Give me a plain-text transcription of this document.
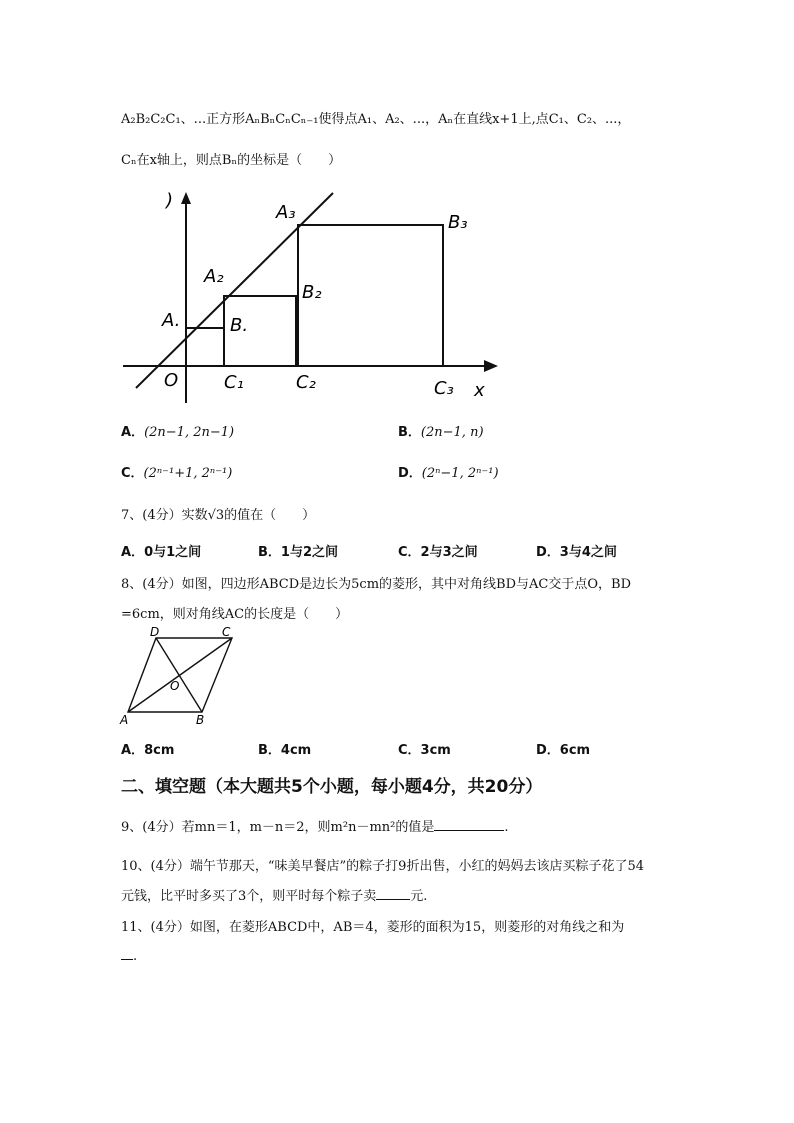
A₂B₂C₂C₁、...正方形AₙBₙCₙCₙ₋₁使得点A₁、A₂、...，Aₙ在直线x+1上,点C₁、C₂、...，
Cₙ在x轴上，则点Bₙ的坐标是（　　）
)
A₃	B₃
A₂
B₂
A.	B.
O	C₁	C₂	C₃ x
A．(2n−1, 2n−1)	B．(2n−1, n)
C．(2ⁿ⁻¹+1, 2ⁿ⁻¹)	D．(2ⁿ−1, 2ⁿ⁻¹)
7、(4分）实数√3的值在（　　）
A．0与1之间	B．1与2之间	C．2与3之间	D．3与4之间
8、(4分）如图，四边形ABCD是边长为5cm的菱形，其中对角线BD与AC交于点O，BD
=6cm，则对角线AC的长度是（　　）
D	C
O
A	B
A．8cm	B．4cm	C．3cm	D．6cm
二、填空题（本大题共5个小题，每小题4分，共20分）
9、(4分）若mn＝1，m－n＝2，则m²n－mn²的值是	.
10、(4分）端午节那天，“味美早餐店”的粽子打9折出售，小红的妈妈去该店买粽子花了54
元钱，比平时多买了3个，则平时每个粽子卖	元.
11、(4分）如图，在菱形ABCD中，AB＝4，菱形的面积为15，则菱形的对角线之和为
.
